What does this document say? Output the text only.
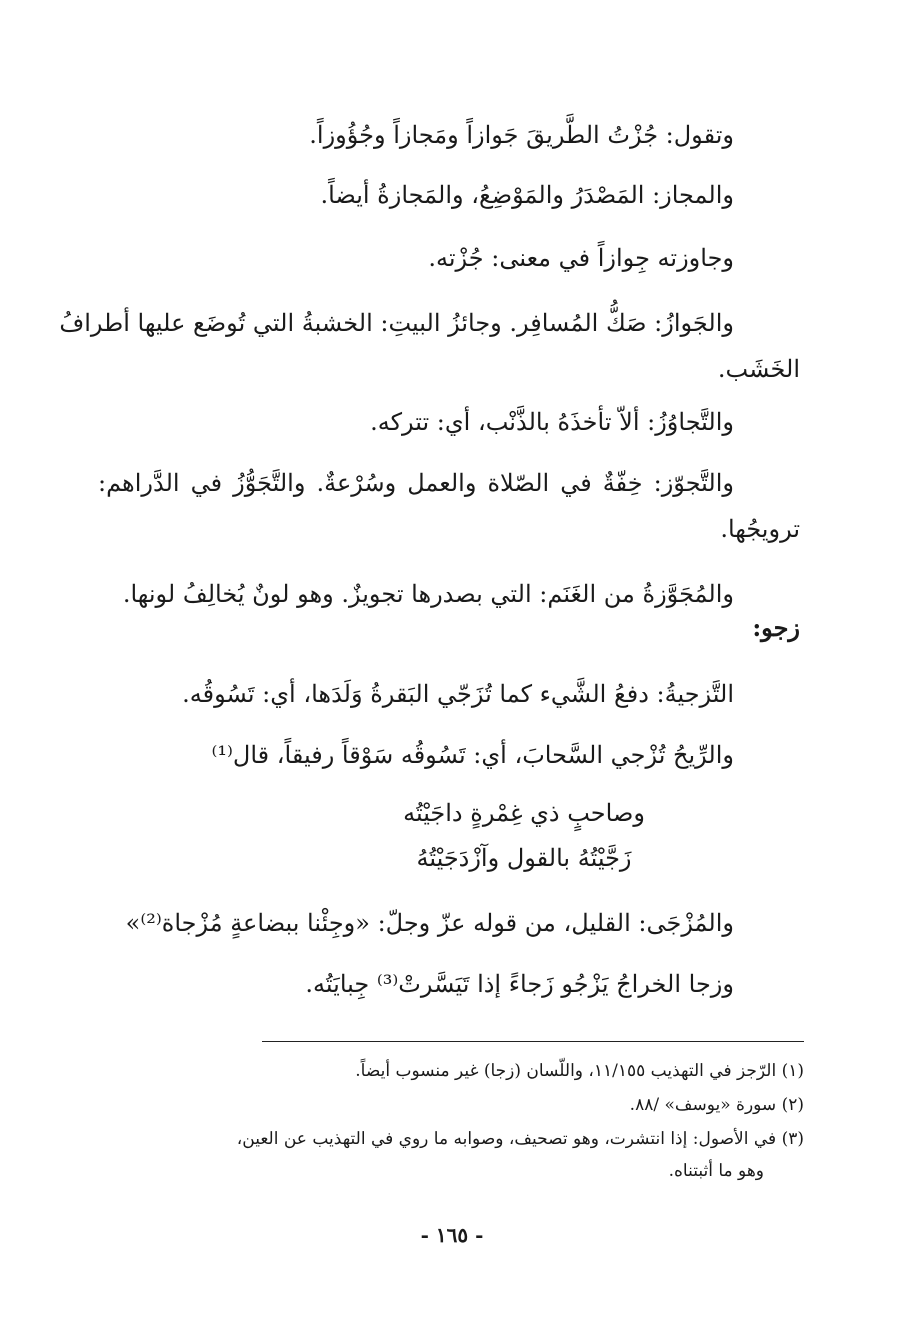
وتقول: جُزْتُ الطَّريقَ جَوازاً ومَجازاً وجُؤُوزاً.
والمجاز: المَصْدَرُ والمَوْضِعُ، والمَجازةُ أيضاً.
وجاوزته جِوازاً في معنى: جُزْته.
والجَوازُ: صَكُّ المُسافِر. وجائزُ البيتِ: الخشبةُ التي تُوضَع عليها أطرافُ
الخَشَب.
والتَّجاوُزُ: ألاّ تأخذَهُ بالذَّنْب، أي: تتركه.
والتَّجوّز: خِفّةٌ في الصّلاة والعمل وسُرْعةٌ. والتَّجَوُّزُ في الدَّراهم:
ترويجُها.
والمُجَوَّزةُ من الغَنَم: التي بصدرها تجويزٌ. وهو لونٌ يُخالِفُ لونها.
زجو:
التَّزجيةُ: دفعُ الشَّيء كما تُزَجّي البَقرةُ وَلَدَها، أي: تَسُوقُه.
والرِّيحُ تُزْجي السَّحابَ، أي: تَسُوقُه سَوْقاً رفيقاً، قال⁽¹⁾
وصاحبٍ ذي غِمْرةٍ داجَيْتُه
زَجَّيْتُهُ بالقول وآزْدَجَيْتُهُ
والمُزْجَى: القليل، من قوله عزّ وجلّ: «وجِئْنا ببضاعةٍ مُزْجاة⁽²⁾»
وزجا الخراجُ يَزْجُو زَجاءً إذا تَيَسَّرتْ⁽³⁾ جِبايَتُه.
(١) الرّجز في التهذيب ١١/١٥٥، واللّسان (زجا) غير منسوب أيضاً.
(٢) سورة «يوسف» /٨٨.
(٣) في الأصول: إذا انتشرت، وهو تصحيف، وصوابه ما روي في التهذيب عن العين،
وهو ما أثبتناه.
- ١٦٥ -
